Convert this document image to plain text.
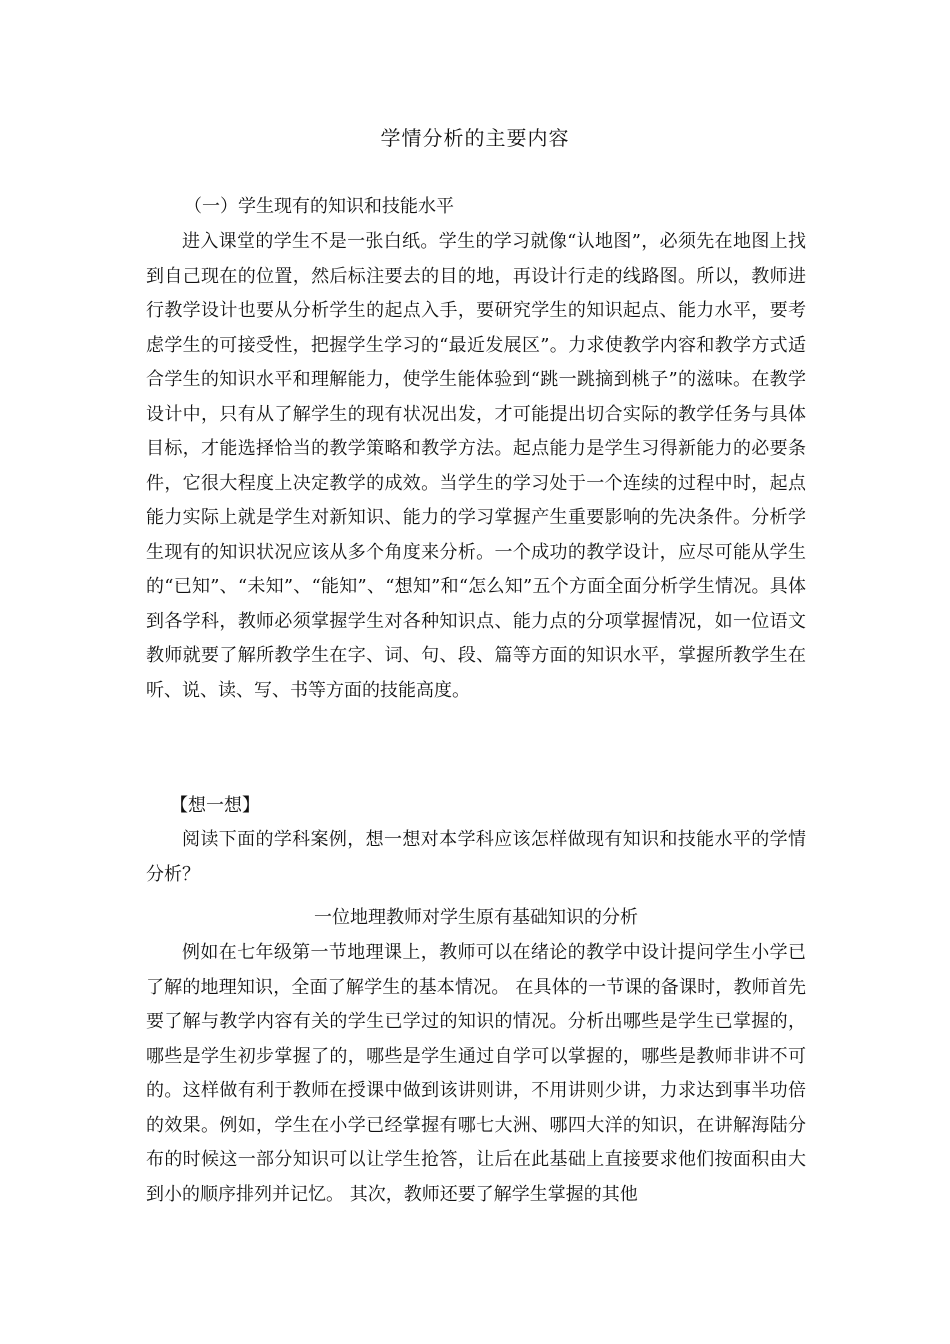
学情分析的主要内容

（一）学生现有的知识和技能水平

进入课堂的学生不是一张白纸。学生的学习就像“认地图”，必须先在地图上找到自己现在的位置，然后标注要去的目的地，再设计行走的线路图。所以，教师进行教学设计也要从分析学生的起点入手，要研究学生的知识起点、能力水平，要考虑学生的可接受性，把握学生学习的“最近发展区”。力求使教学内容和教学方式适合学生的知识水平和理解能力，使学生能体验到“跳一跳摘到桃子”的滋味。在教学设计中，只有从了解学生的现有状况出发，才可能提出切合实际的教学任务与具体目标，才能选择恰当的教学策略和教学方法。起点能力是学生习得新能力的必要条件，它很大程度上决定教学的成效。当学生的学习处于一个连续的过程中时，起点能力实际上就是学生对新知识、能力的学习掌握产生重要影响的先决条件。分析学生现有的知识状况应该从多个角度来分析。一个成功的教学设计，应尽可能从学生的“已知”、“未知”、“能知”、“想知”和“怎么知”五个方面全面分析学生情况。具体到各学科，教师必须掌握学生对各种知识点、能力点的分项掌握情况，如一位语文教师就要了解所教学生在字、词、句、段、篇等方面的知识水平，掌握所教学生在听、说、读、写、书等方面的技能高度。

【想一想】

阅读下面的学科案例，想一想对本学科应该怎样做现有知识和技能水平的学情分析？

一位地理教师对学生原有基础知识的分析

例如在七年级第一节地理课上，教师可以在绪论的教学中设计提问学生小学已了解的地理知识，全面了解学生的基本情况。 在具体的一节课的备课时，教师首先要了解与教学内容有关的学生已学过的知识的情况。分析出哪些是学生已掌握的，哪些是学生初步掌握了的，哪些是学生通过自学可以掌握的，哪些是教师非讲不可的。这样做有利于教师在授课中做到该讲则讲，不用讲则少讲，力求达到事半功倍的效果。例如，学生在小学已经掌握有哪七大洲、哪四大洋的知识，在讲解海陆分布的时候这一部分知识可以让学生抢答，让后在此基础上直接要求他们按面积由大到小的顺序排列并记忆。 其次，教师还要了解学生掌握的其他
